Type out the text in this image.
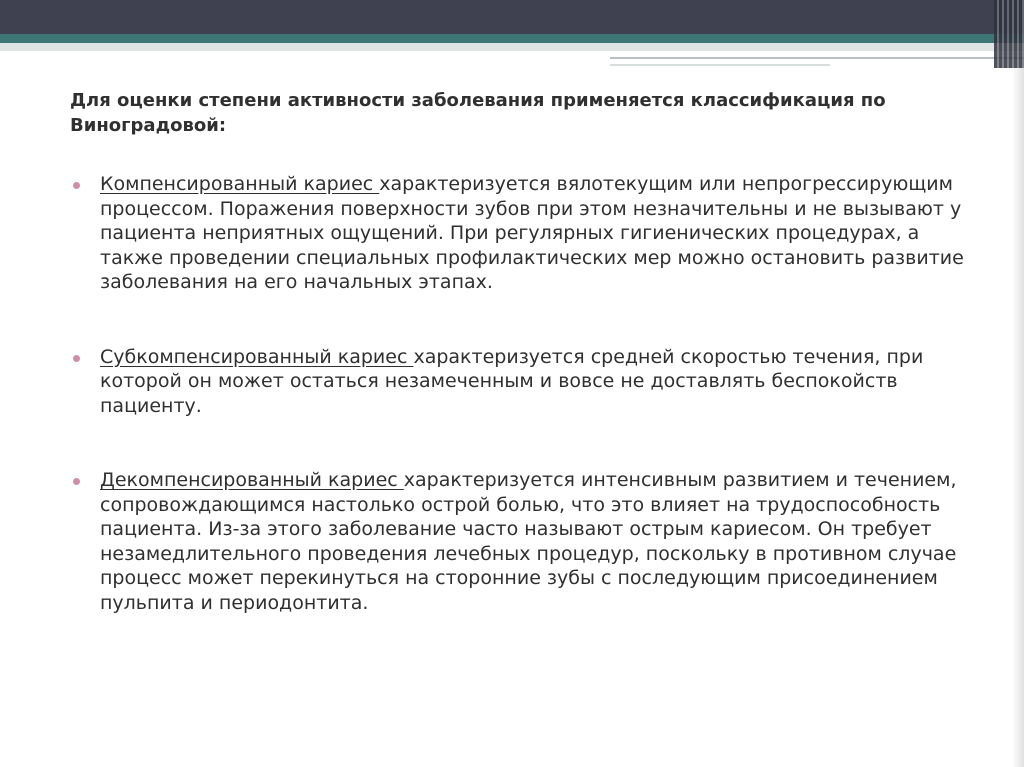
Для оценки степени активности заболевания применяется классификация по Виноградовой:

Компенсированный кариес характеризуется вялотекущим или непрогрессирующим процессом. Поражения поверхности зубов при этом незначительны и не вызывают у пациента неприятных ощущений. При регулярных гигиенических процедурах, а также проведении специальных профилактических мер можно остановить развитие заболевания на его начальных этапах.
Субкомпенсированный кариес характеризуется средней скоростью течения, при которой он может остаться незамеченным и вовсе не доставлять беспокойств пациенту.
Декомпенсированный кариес характеризуется интенсивным развитием и течением, сопровождающимся настолько острой болью, что это влияет на трудоспособность пациента. Из-за этого заболевание часто называют острым кариесом. Он требует незамедлительного проведения лечебных процедур, поскольку в противном случае процесс может перекинуться на сторонние зубы с последующим присоединением пульпита и периодонтита.
